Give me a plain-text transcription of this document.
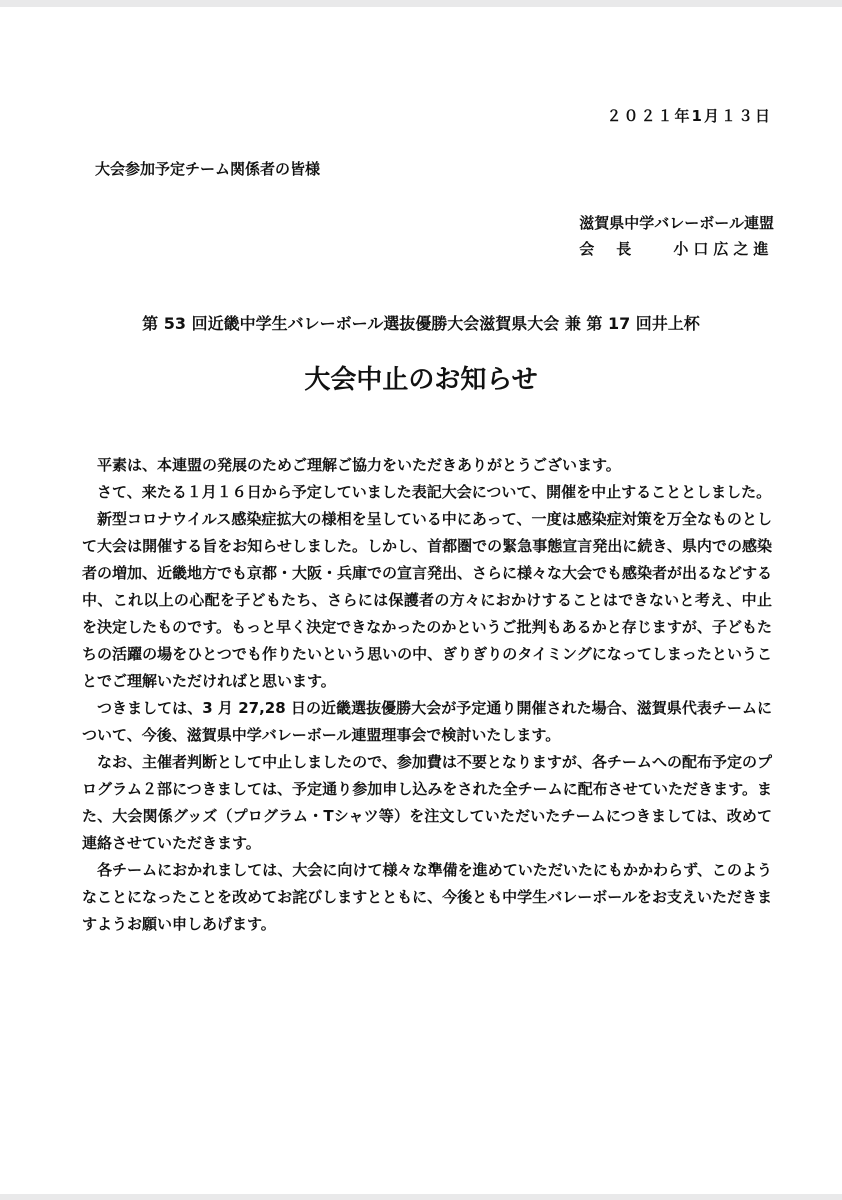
２０２１年1月１３日
大会参加予定チーム関係者の皆様
滋賀県中学バレーボール連盟
会長 小口広之進
第 53 回近畿中学生バレーボール選抜優勝大会滋賀県大会 兼 第 17 回井上杯
大会中止のお知らせ

平素は、本連盟の発展のためご理解ご協力をいただきありがとうございます。

さて、来たる１月１６日から予定していました表記大会について、開催を中止することとしました。

新型コロナウイルス感染症拡大の様相を呈している中にあって、一度は感染症対策を万全なものとして大会は開催する旨をお知らせしました。しかし、首都圏での緊急事態宣言発出に続き、県内での感染者の増加、近畿地方でも京都・大阪・兵庫での宣言発出、さらに様々な大会でも感染者が出るなどする中、これ以上の心配を子どもたち、さらには保護者の方々におかけすることはできないと考え、中止を決定したものです。もっと早く決定できなかったのかというご批判もあるかと存じますが、子どもたちの活躍の場をひとつでも作りたいという思いの中、ぎりぎりのタイミングになってしまったということでご理解いただければと思います。

つきましては、3 月 27,28 日の近畿選抜優勝大会が予定通り開催された場合、滋賀県代表チームについて、今後、滋賀県中学バレーボール連盟理事会で検討いたします。

なお、主催者判断として中止しましたので、参加費は不要となりますが、各チームへの配布予定のプログラム２部につきましては、予定通り参加申し込みをされた全チームに配布させていただきます。また、大会関係グッズ（プログラム・Tシャツ等）を注文していただいたチームにつきましては、改めて連絡させていただきます。

各チームにおかれましては、大会に向けて様々な準備を進めていただいたにもかかわらず、このようなことになったことを改めてお詫びしますとともに、今後とも中学生バレーボールをお支えいただきますようお願い申しあげます。
